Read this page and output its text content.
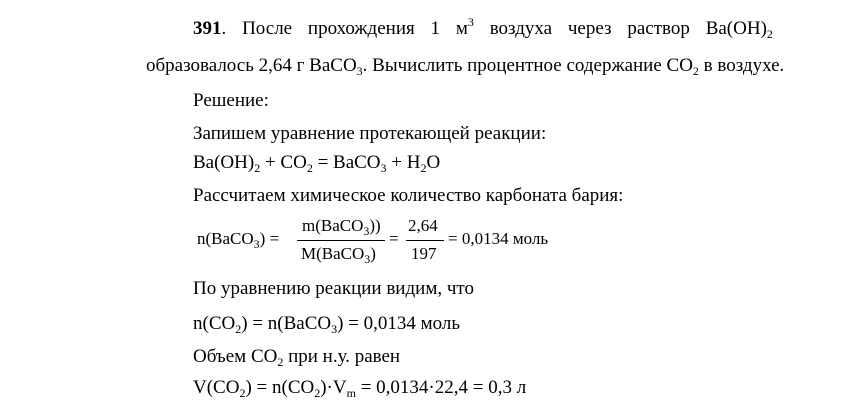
391. После прохождения 1 $м^3$ воздуха через раствор $Ba(OH)_2$
образовалось 2,64 г BaCO$_3$. Вычислить процентное содержание $CO_2$ в воздухе.
Решение:
Запишем уравнение протекающей реакции:
$Ba(OH)_2 + CO_2$ = BaCO$_3$ + $H_2O$
Рассчитаем химическое количество карбоната бария:
n(BaCO$_3$) =
m(BaCO$_3$))
M(BaCO$_3$)
=
2,64
197
= 0,0134 моль
По уравнению реакции видим, что
$n(CO_2)$ = n(BaCO$_3$) = 0,0134 моль
Объем $CO_2$ при н.у. равен
$V(CO_2) = n(CO_2)\cdot V_m = 0,0134\cdot 22,4 = 0,3$ л
